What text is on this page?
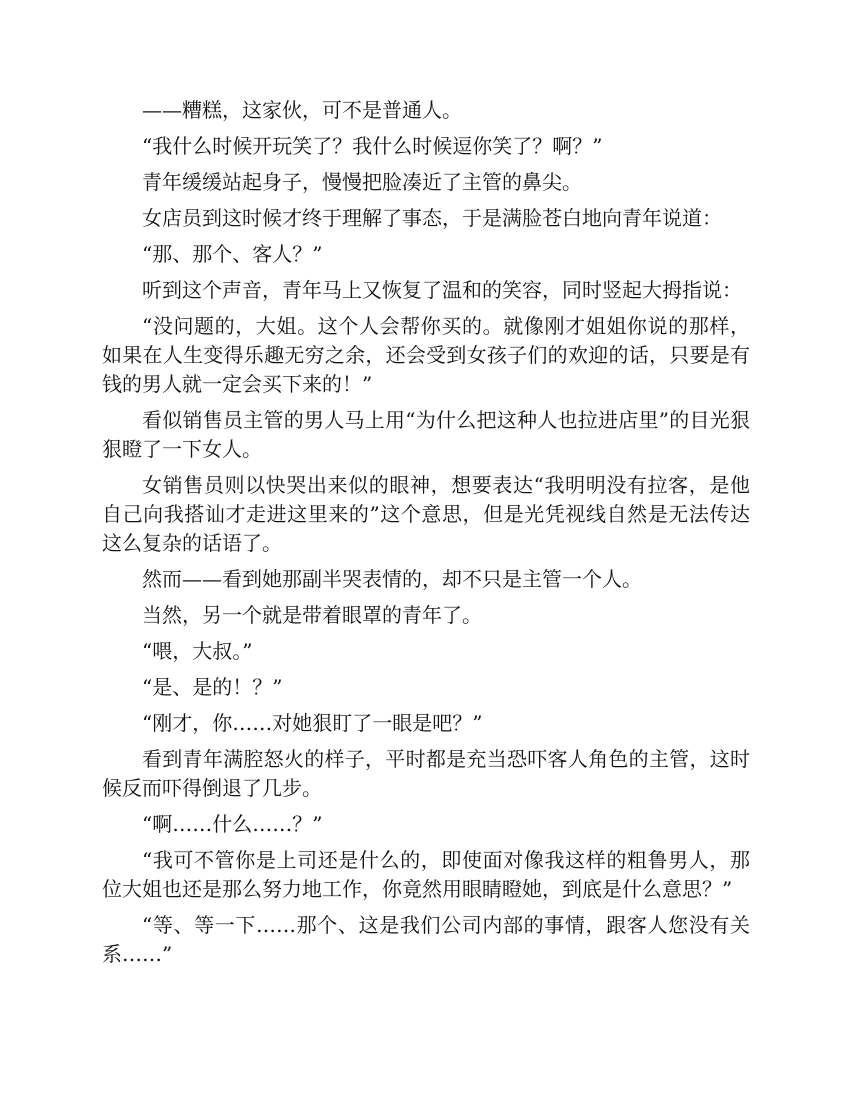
——糟糕，这家伙，可不是普通人。

“我什么时候开玩笑了？我什么时候逗你笑了？啊？”

青年缓缓站起身子，慢慢把脸凑近了主管的鼻尖。

女店员到这时候才终于理解了事态，于是满脸苍白地向青年说道：

“那、那个、客人？”

听到这个声音，青年马上又恢复了温和的笑容，同时竖起大拇指说：

“没问题的，大姐。这个人会帮你买的。就像刚才姐姐你说的那样，如果在人生变得乐趣无穷之余，还会受到女孩子们的欢迎的话，只要是有钱的男人就一定会买下来的！”

看似销售员主管的男人马上用“为什么把这种人也拉进店里”的目光狠狠瞪了一下女人。

女销售员则以快哭出来似的眼神，想要表达“我明明没有拉客，是他自己向我搭讪才走进这里来的”这个意思，但是光凭视线自然是无法传达这么复杂的话语了。

然而——看到她那副半哭表情的，却不只是主管一个人。

当然，另一个就是带着眼罩的青年了。

“喂，大叔。”

“是、是的！？”

“刚才，你……对她狠盯了一眼是吧？”

看到青年满腔怒火的样子，平时都是充当恐吓客人角色的主管，这时候反而吓得倒退了几步。

“啊……什么……？”

“我可不管你是上司还是什么的，即使面对像我这样的粗鲁男人，那位大姐也还是那么努力地工作，你竟然用眼睛瞪她，到底是什么意思？”

“等、等一下……那个、这是我们公司内部的事情，跟客人您没有关系……”
